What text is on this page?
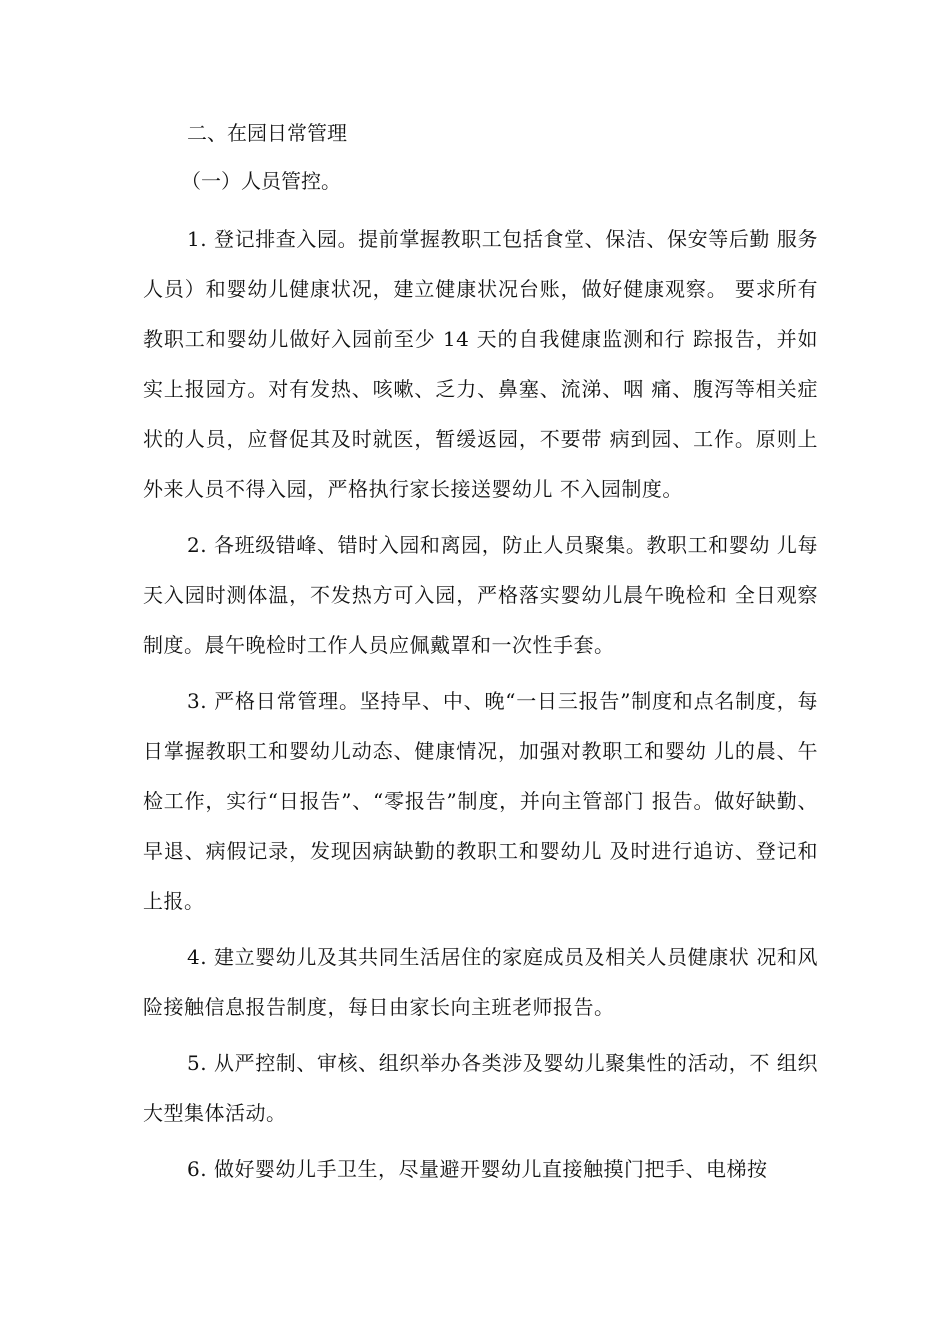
二、在园日常管理
（一）人员管控。

1. 登记排查入园。提前掌握教职工包括食堂、保洁、保安等后勤 服务人员）和婴幼儿健康状况，建立健康状况台账，做好健康观察。 要求所有教职工和婴幼儿做好入园前至少 14 天的自我健康监测和行 踪报告，并如实上报园方。对有发热、咳嗽、乏力、鼻塞、流涕、咽 痛、腹泻等相关症状的人员，应督促其及时就医，暂缓返园，不要带 病到园、工作。原则上外来人员不得入园，严格执行家长接送婴幼儿 不入园制度。

2. 各班级错峰、错时入园和离园，防止人员聚集。教职工和婴幼 儿每天入园时测体温，不发热方可入园，严格落实婴幼儿晨午晚检和 全日观察制度。晨午晚检时工作人员应佩戴罩和一次性手套。

3. 严格日常管理。坚持早、中、晚“一日三报告”制度和点名制度，每日掌握教职工和婴幼儿动态、健康情况，加强对教职工和婴幼 儿的晨、午检工作，实行“日报告”、“零报告”制度，并向主管部门 报告。做好缺勤、早退、病假记录，发现因病缺勤的教职工和婴幼儿 及时进行追访、登记和上报。

4. 建立婴幼儿及其共同生活居住的家庭成员及相关人员健康状 况和风险接触信息报告制度，每日由家长向主班老师报告。

5. 从严控制、审核、组织举办各类涉及婴幼儿聚集性的活动，不 组织大型集体活动。

6. 做好婴幼儿手卫生，尽量避开婴幼儿直接触摸门把手、电梯按
